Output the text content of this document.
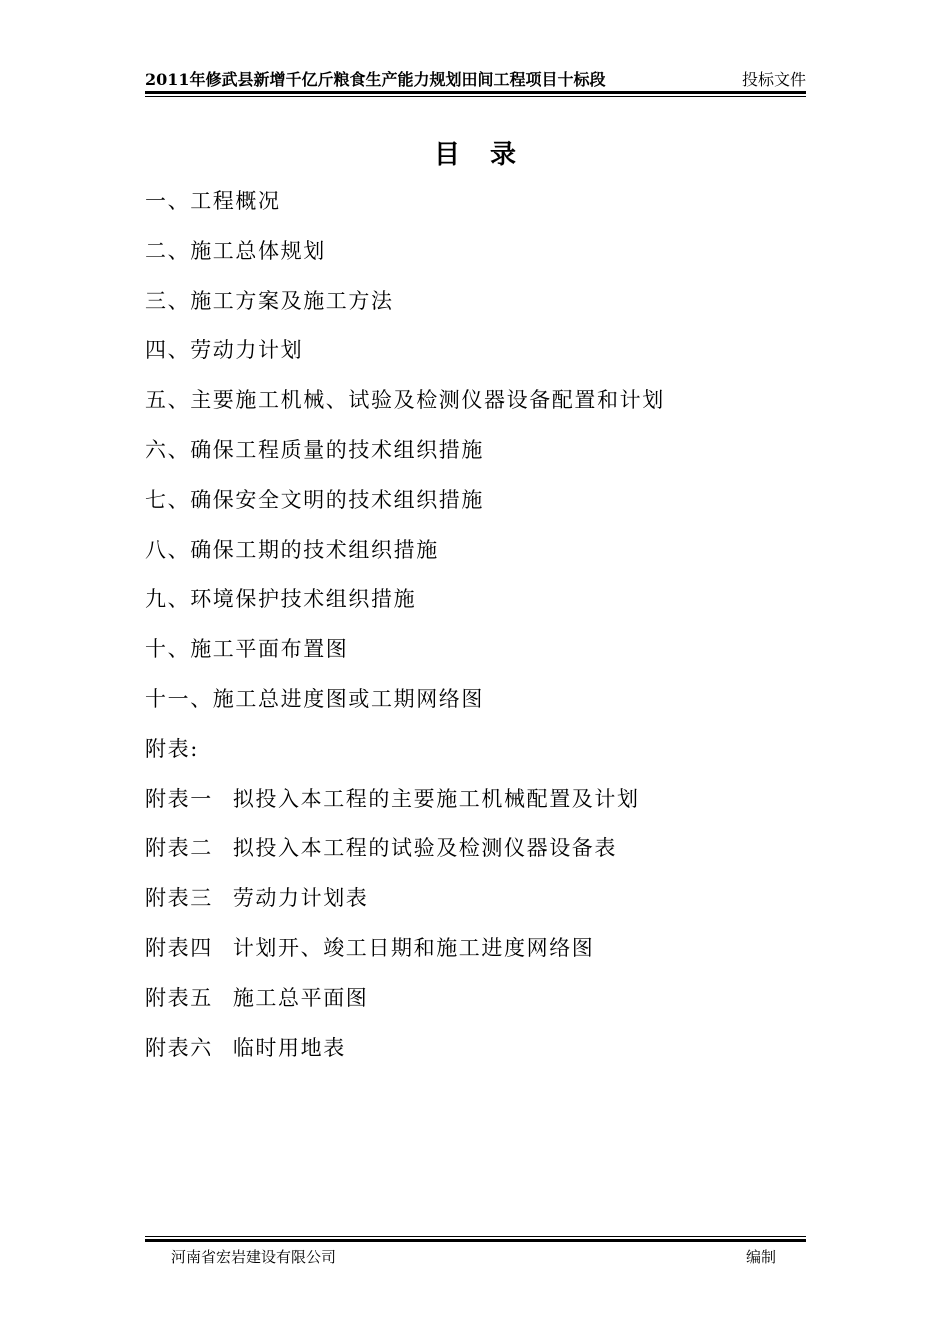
2011年修武县新增千亿斤粮食生产能力规划田间工程项目十标段	投标文件
目录
一、工程概况
二、施工总体规划
三、施工方案及施工方法
四、劳动力计划
五、主要施工机械、试验及检测仪器设备配置和计划
六、确保工程质量的技术组织措施
七、确保安全文明的技术组织措施
八、确保工期的技术组织措施
九、环境保护技术组织措施
十、施工平面布置图
十一、施工总进度图或工期网络图
附表:
附表一 拟投入本工程的主要施工机械配置及计划
附表二 拟投入本工程的试验及检测仪器设备表
附表三 劳动力计划表
附表四 计划开、竣工日期和施工进度网络图
附表五 施工总平面图
附表六 临时用地表
河南省宏岩建设有限公司	编制
